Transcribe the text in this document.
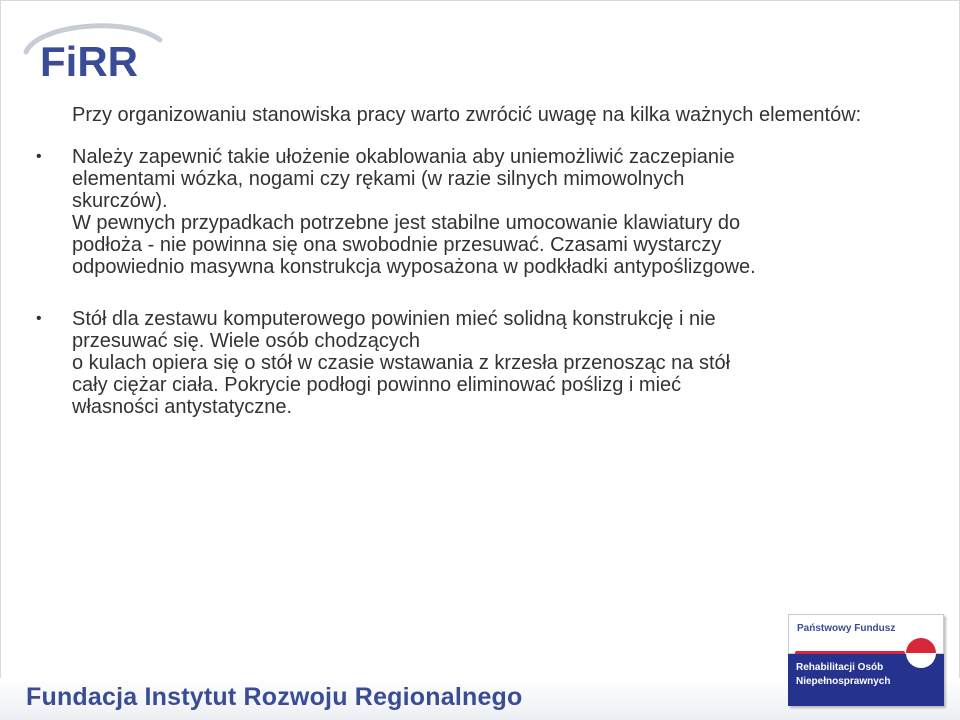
FiRR

Przy organizowaniu stanowiska pracy warto zwrócić uwagę na kilka ważnych elementów:

• Należy zapewnić takie ułożenie okablowania aby uniemożliwić zaczepianie

elementami wózka, nogami czy rękami (w razie silnych mimowolnych

skurczów).

W pewnych przypadkach potrzebne jest stabilne umocowanie klawiatury do

podłoża - nie powinna się ona swobodnie przesuwać. Czasami wystarczy

odpowiednio masywna konstrukcja wyposażona w podkładki antypoślizgowe.

• Stół dla zestawu komputerowego powinien mieć solidną konstrukcję i nie

przesuwać się. Wiele osób chodzących

o kulach opiera się o stół w czasie wstawania z krzesła przenosząc na stół

cały ciężar ciała. Pokrycie podłogi powinno eliminować poślizg i mieć

własności antystatyczne.

Fundacja Instytut Rozwoju Regionalnego
Państwowy Fundusz
Rehabilitacji Osób
Niepełnosprawnych
